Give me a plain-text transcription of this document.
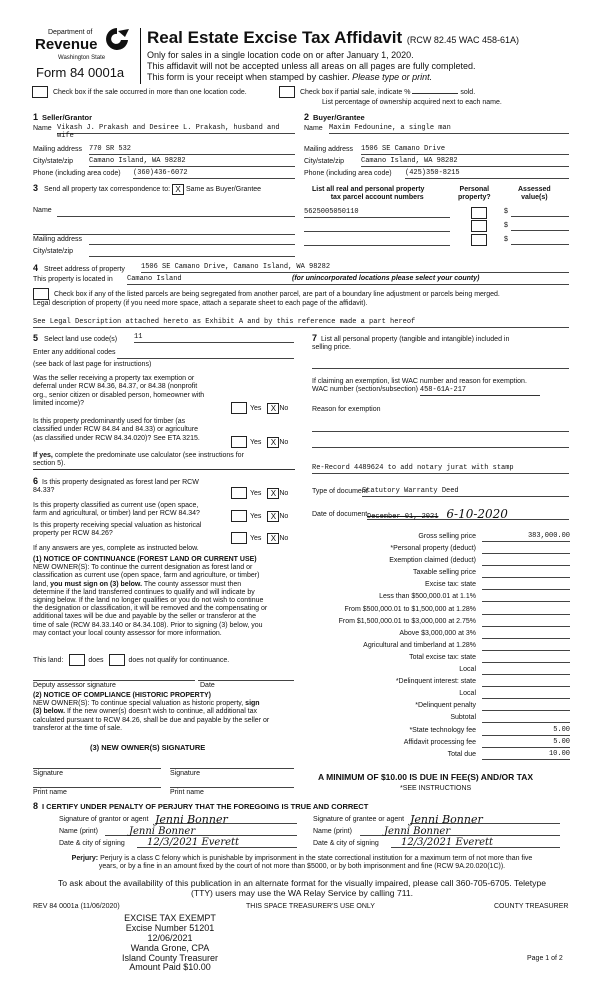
Department of
Revenue
Washington State
Form 84 0001a
Real Estate Excise Tax Affidavit (RCW 82.45 WAC 458-61A)
Only for sales in a single location code on or after January 1, 2020.
This affidavit will not be accepted unless all areas on all pages are fully completed.
This form is your receipt when stamped by cashier. Please type or print.
Check box if the sale occurred in more than one location code.	Check box if partial sale, indicate %	sold.
List percentage of ownership acquired next to each name.
1 Seller/Grantor
Name Vikash J. Prakash and Desiree L. Prakash, husband and wife
Mailing address 770 SR 532
City/state/zip Camano Island, WA 98282
Phone (including area code) (360)436-6072
2 Buyer/Grantee
Name Maxim Fedounine, a single man
Mailing address 1506 SE Camano Drive
City/state/zip Camano Island, WA 98282
Phone (including area code) (425)350-8215
3 Send all property tax correspondence to: X Same as Buyer/Grantee
Name
Mailing address
City/state/zip
List all real and personal property
tax parcel account numbers
Personal
property?
Assessed
value(s)
5625005050110	$
$
$
4 Street address of property 1506 SE Camano Drive, Camano Island, WA 98282
This property is located in Camano Island	(for unincorporated locations please select your county)
Check box if any of the listed parcels are being segregated from another parcel, are part of a boundary line adjustment or parcels being merged.
Legal description of property (if you need more space, attach a separate sheet to each page of the affidavit).
See Legal Description attached hereto as Exhibit A and by this reference made a part hereof
5 Select land use code(s) 11
Enter any additional codes
(see back of last page for instructions)
Was the seller receiving a property tax exemption or
deferral under RCW 84.36, 84.37, or 84.38 (nonprofit
org., senior citizen or disabled person, homeowner with
limited income)?
Yes X No
Is this property predominantly used for timber (as
classified under RCW 84.84 and 84.33) or agriculture
(as classified under RCW 84.34.020)? See ETA 3215.
Yes X No
If yes, complete the predominate use calculator (see instructions for
section 5).
6 Is this property designated as forest land per RCW
84.33?	Yes X No
Is this property classified as current use (open space,
farm and agricultural, or timber) land per RCW 84.34?	Yes X No
Is this property receiving special valuation as historical
property per RCW 84.26?
Yes X No
If any answers are yes, complete as instructed below.
(1) NOTICE OF CONTINUANCE (FOREST LAND OR CURRENT USE)
NEW OWNER(S): To continue the current designation as forest land or
classification as current use (open space, farm and agriculture, or timber)
land, you must sign on (3) below. The county assessor must then
determine if the land transferred continues to qualify and will indicate by
signing below. If the land no longer qualifies or you do not wish to continue
the designation or classification, it will be removed and the compensating or
additional taxes will be due and payable by the seller or transferor at the
time of sale (RCW 84.33.140 or 84.34.108). Prior to signing (3) below, you
may contact your local county assessor for more information.
This land:	does	does not qualify for continuance.
Deputy assessor signature	Date
(2) NOTICE OF COMPLIANCE (HISTORIC PROPERTY)
NEW OWNER(S): To continue special valuation as historic property, sign
(3) below. If the new owner(s) doesn't wish to continue, all additional tax
calculated pursuant to RCW 84.26, shall be due and payable by the seller or
transferor at the time of sale.
(3) NEW OWNER(S) SIGNATURE
Signature	Signature
Print name	Print name
7 List all personal property (tangible and intangible) included in
selling price.
If claiming an exemption, list WAC number and reason for exemption.
WAC number (section/subsection) 458-61A-217
Reason for exemption
Re-Record 4489624 to add notary jurat with stamp
Type of document
Statutory Warranty Deed
Date of document December 01, 2021 6-10-2020
Gross selling price	383,000.00
*Personal property (deduct)
Exemption claimed (deduct)
Taxable selling price
Excise tax: state
Less than $500,000.01 at 1.1%
From $500,000.01 to $1,500,000 at 1.28%
From $1,500,000.01 to $3,000,000 at 2.75%
Above $3,000,000 at 3%
Agricultural and timberland at 1.28%
Total excise tax: state
Local
*Delinquent interest: state
Local
*Delinquent penalty
Subtotal
*State technology fee	5.00
Affidavit processing fee	5.00
Total due	10.00
A MINIMUM OF $10.00 IS DUE IN FEE(S) AND/OR TAX
*SEE INSTRUCTIONS
8 I CERTIFY UNDER PENALTY OF PERJURY THAT THE FOREGOING IS TRUE AND CORRECT
Signature of grantor or agent Jenni Bonner
Name (print)	Jenni Bonner
Date & city of signing	12/3/2021 Everett
Signature of grantee or agent Jenni Bonner
Name (print)	Jenni Bonner
Date & city of signing	12/3/2021 Everett
Perjury: Perjury is a class C felony which is punishable by imprisonment in the state correctional institution for a maximum term of not more than five
years, or by a fine in an amount fixed by the court of not more than $5000, or by both imprisonment and fine (RCW 9A.20.020(1C)).
To ask about the availability of this publication in an alternate format for the visually impaired, please call 360-705-6705. Teletype
(TTY) users may use the WA Relay Service by calling 711.
REV 84 0001a (11/06/2020)	THIS SPACE TREASURER'S USE ONLY	COUNTY TREASURER
EXCISE TAX EXEMPT
Excise Number 51201
12/06/2021
Wanda Grone, CPA
Island County Treasurer
Amount Paid $10.00
Page 1 of 2
